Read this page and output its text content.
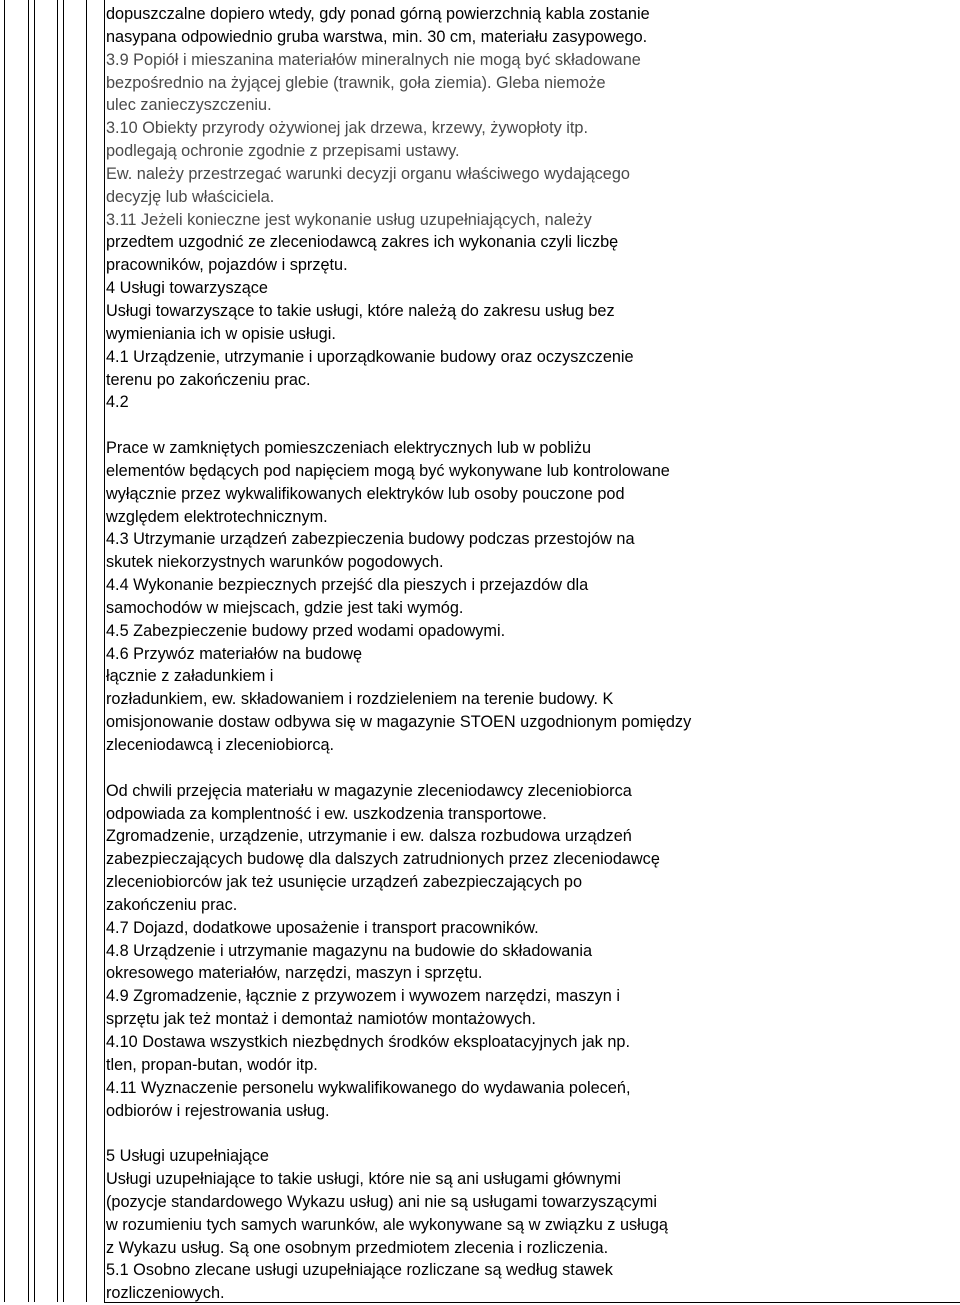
dopuszczalne dopiero wtedy, gdy ponad górną powierzchnią kabla zostanie
nasypana odpowiednio gruba warstwa, min. 30 cm, materiału zasypowego.
3.9 Popiół i mieszanina materiałów mineralnych nie mogą być składowane
bezpośrednio na żyjącej glebie (trawnik, goła ziemia). Gleba niemoże
ulec zanieczyszczeniu.
3.10 Obiekty przyrody ożywionej jak drzewa, krzewy, żywopłoty itp.
podlegają ochronie zgodnie z przepisami ustawy.
Ew. należy przestrzegać warunki decyzji organu właściwego wydającego
decyzję lub właściciela.
3.11 Jeżeli konieczne jest wykonanie usług uzupełniających, należy
przedtem uzgodnić ze zleceniodawcą zakres ich wykonania czyli liczbę
pracowników, pojazdów i sprzętu.
4 Usługi towarzyszące
Usługi towarzyszące to takie usługi, które należą do zakresu usług bez
wymieniania ich w opisie usługi.
4.1 Urządzenie, utrzymanie i uporządkowanie budowy oraz oczyszczenie
terenu po zakończeniu prac.
4.2
Prace w zamkniętych pomieszczeniach elektrycznych lub w pobliżu
elementów będących pod napięciem mogą być wykonywane lub kontrolowane
wyłącznie przez wykwalifikowanych elektryków lub osoby pouczone pod
względem elektrotechnicznym.
4.3 Utrzymanie urządzeń zabezpieczenia budowy podczas przestojów na
skutek niekorzystnych warunków pogodowych.
4.4 Wykonanie bezpiecznych przejść dla pieszych i przejazdów dla
samochodów w miejscach, gdzie jest taki wymóg.
4.5 Zabezpieczenie budowy przed wodami opadowymi.
4.6 Przywóz materiałów na budowę
łącznie z załadunkiem i
rozładunkiem, ew. składowaniem i rozdzieleniem na terenie budowy. K
omisjonowanie dostaw odbywa się w magazynie STOEN uzgodnionym pomiędzy
zleceniodawcą i zleceniobiorcą.
Od chwili przejęcia materiału w magazynie zleceniodawcy zleceniobiorca
odpowiada za komplentność i ew. uszkodzenia transportowe.
Zgromadzenie, urządzenie, utrzymanie i ew. dalsza rozbudowa urządzeń
zabezpieczających budowę dla dalszych zatrudnionych przez zleceniodawcę
zleceniobiorców jak też usunięcie urządzeń zabezpieczających po
zakończeniu prac.
4.7 Dojazd, dodatkowe uposażenie i transport pracowników.
4.8 Urządzenie i utrzymanie magazynu na budowie do składowania
okresowego materiałów, narzędzi, maszyn i sprzętu.
4.9 Zgromadzenie, łącznie z przywozem i wywozem narzędzi, maszyn i
sprzętu jak też montaż i demontaż namiotów montażowych.
4.10 Dostawa wszystkich niezbędnych środków eksploatacyjnych jak np.
tlen, propan-butan, wodór itp.
4.11 Wyznaczenie personelu wykwalifikowanego do wydawania poleceń,
odbiorów i rejestrowania usług.
5 Usługi uzupełniające
Usługi uzupełniające to takie usługi, które nie są ani usługami głównymi
(pozycje standardowego Wykazu usług) ani nie są usługami towarzyszącymi
w rozumieniu tych samych warunków, ale wykonywane są w związku z usługą
z Wykazu usług. Są one osobnym przedmiotem zlecenia i rozliczenia.
5.1 Osobno zlecane usługi uzupełniające rozliczane są według stawek
rozliczeniowych.
